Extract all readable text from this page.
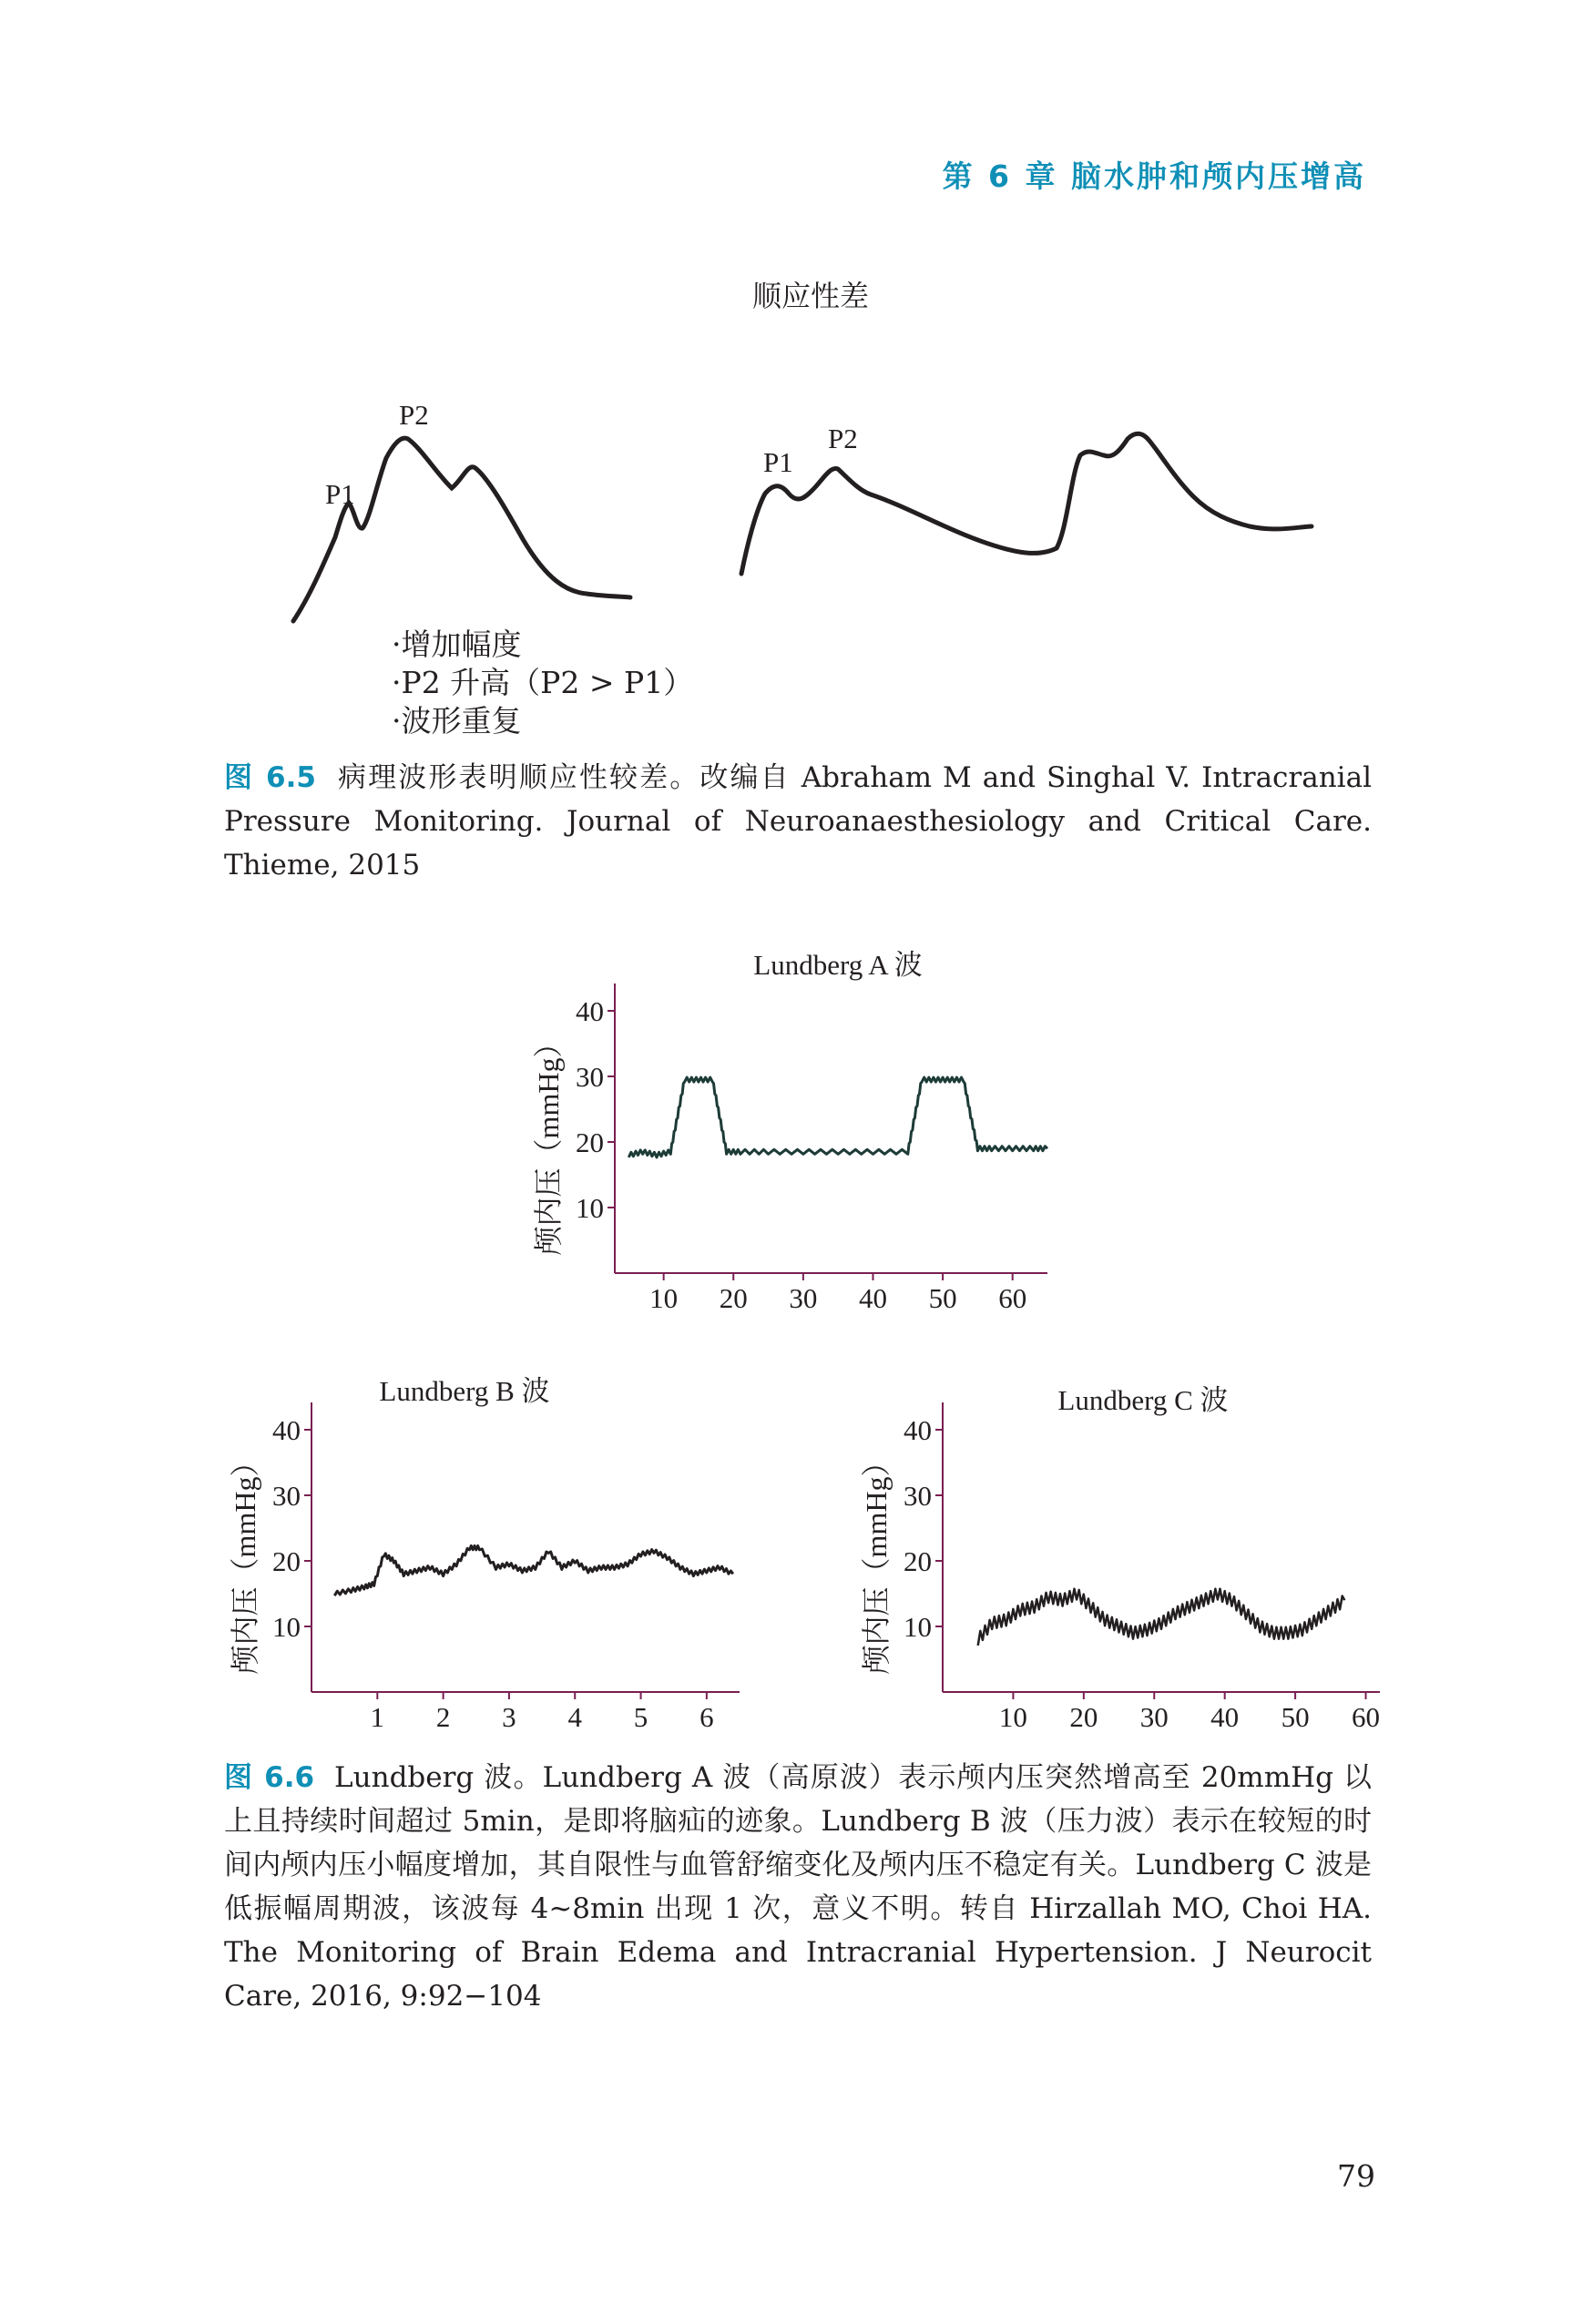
第 6 章 脑水肿和颅内压增高
顺应性差
P2
P1
P2
P1
·增加幅度
·P2 升高（P2 > P1）
·波形重复
图 6.5 病理波形表明顺应性较差。改编自 Abraham M and Singhal V. Intracranial Pressure Monitoring. Journal of Neuroanaesthesiology and Critical Care. Thieme, 2015
10
20
30
40
10 20 30 40 50 60
颅内压（mmHg）
Lundberg A 波
10
20
30
40
1 2 3 4 5 6
颅内压（mmHg）
Lundberg B 波
10
20
30
40
10 20 30 40 50 60
颅内压（mmHg）
Lundberg C 波
图 6.6 Lundberg 波。Lundberg A 波（高原波）表示颅内压突然增高至 20mmHg 以上且持续时间超过 5min，是即将脑疝的迹象。Lundberg B 波（压力波）表示在较短的时间内颅内压小幅度增加，其自限性与血管舒缩变化及颅内压不稳定有关。Lundberg C 波是低振幅周期波，该波每 4~8min 出现 1 次，意义不明。转自 Hirzallah MO, Choi HA. The Monitoring of Brain Edema and Intracranial Hypertension. J Neurocit Care, 2016, 9:92−104
79
